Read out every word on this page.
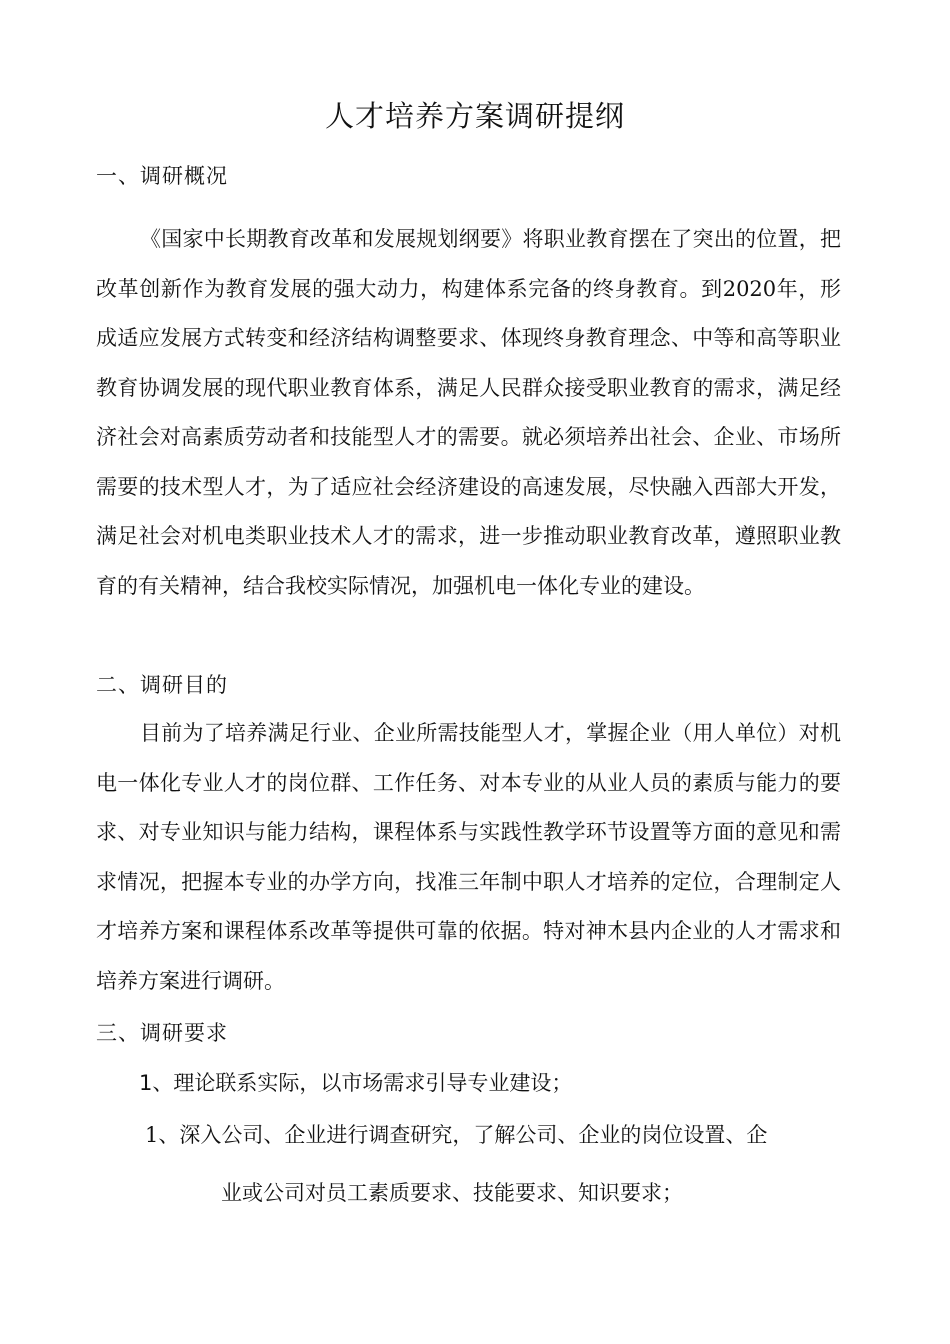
人才培养方案调研提纲
一、调研概况
《国家中长期教育改革和发展规划纲要》将职业教育摆在了突出的位置，把改革创新作为教育发展的强大动力，构建体系完备的终身教育。到2020年，形成适应发展方式转变和经济结构调整要求、体现终身教育理念、中等和高等职业教育协调发展的现代职业教育体系，满足人民群众接受职业教育的需求，满足经济社会对高素质劳动者和技能型人才的需要。就必须培养出社会、企业、市场所需要的技术型人才，为了适应社会经济建设的高速发展，尽快融入西部大开发，满足社会对机电类职业技术人才的需求，进一步推动职业教育改革，遵照职业教育的有关精神，结合我校实际情况，加强机电一体化专业的建设。
二、调研目的
目前为了培养满足行业、企业所需技能型人才，掌握企业（用人单位）对机电一体化专业人才的岗位群、工作任务、对本专业的从业人员的素质与能力的要求、对专业知识与能力结构，课程体系与实践性教学环节设置等方面的意见和需求情况，把握本专业的办学方向，找准三年制中职人才培养的定位，合理制定人才培养方案和课程体系改革等提供可靠的依据。特对神木县内企业的人才需求和培养方案进行调研。
三、调研要求
1、理论联系实际，以市场需求引导专业建设；
1、深入公司、企业进行调查研究，了解公司、企业的岗位设置、企
业或公司对员工素质要求、技能要求、知识要求；
